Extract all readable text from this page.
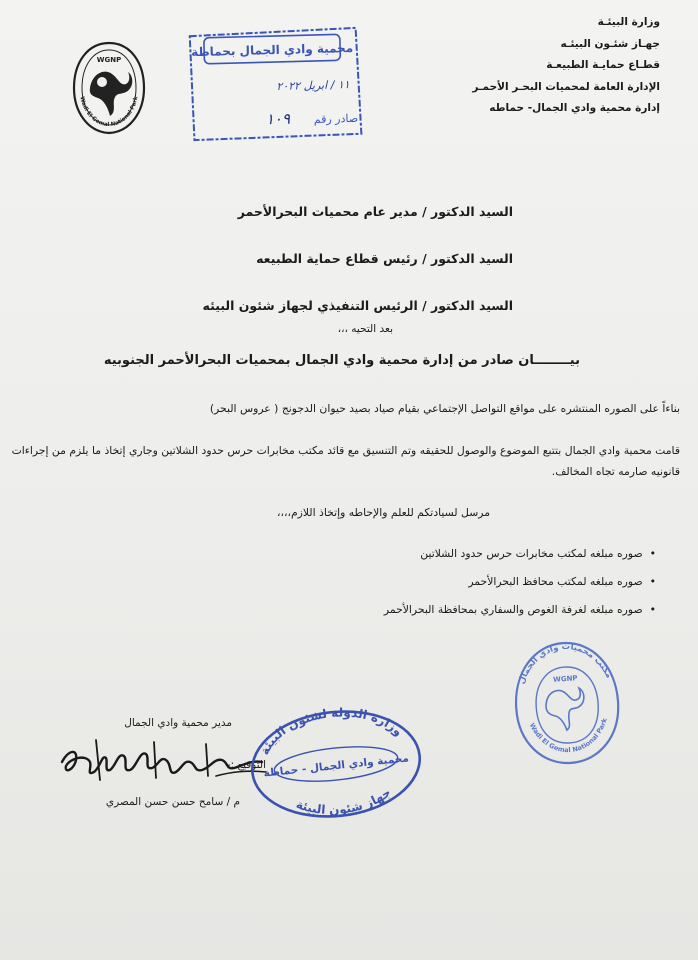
وزارة البيئـة
جهـاز شئـون البيئـه
قطـاع حمايـة الطبيعـة
الإدارة العامة لمحميات البحـر الأحمـر
إدارة محمية وادي الجمال- حماطه
WGNP
Wadi El Gemal National Park
محمية وادي الجمال بحماطة
١١ / ابريل ٢٠٢٢
صادر رقم
١٠٩
السيد الدكتور / مدير عام محميات البحرالأحمر
السيد الدكتور / رئيس قطاع حماية الطبيعه
السيد الدكتور / الرئيس التنفيذي لجهاز شئون البيئه
بعد التحيه ،،،
بيــــــــان صادر من إدارة محمية وادي الجمال بمحميات البحرالأحمر الجنوبيه
بناءاً على الصوره المنتشره على مواقع التواصل الإجتماعي بقيام صياد بصيد حيوان الدجونج ( عروس البحر)
قامت محمية وادي الجمال بتتبع الموضوع والوصول للحقيقه وتم التنسيق مع قائد مكتب مخابرات حرس حدود الشلاتين وجاري إتخاذ ما يلزم من إجراءات قانونيه صارمه تجاه المخالف.
مرسل لسيادتكم للعلم والإحاطه وإتخاذ اللازم،،،،
• صوره مبلغه لمكتب مخابرات حرس حدود الشلاتين
• صوره مبلغه لمكتب محافظ البحرالأحمر
• صوره مبلغه لغرفة الغوص والسفاري بمحافظة البحرالأحمر
مكتب محميات وادي الجمال
WGNP
Wadi El Gemal National Park
مدير محمية وادي الجمال
التوقيع :-
م / سامح حسن حسن المصري
وزارة الدولة لشئون البيئة
محمية وادي الجمال - حماطة
جهاز شئون البيئة
